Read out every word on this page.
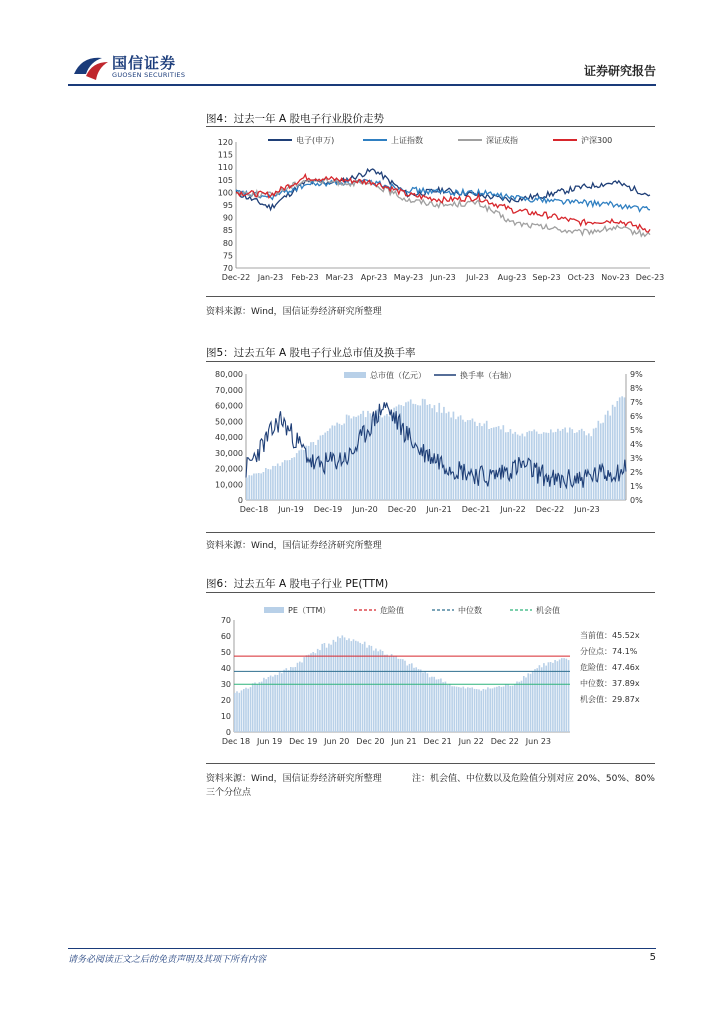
国信证券
GUOSEN SECURITIES	证券研究报告
图4：过去一年 A 股电子行业股价走势
70
75
80
85
90
95
100
105
110
115
120
Dec-22 Jan-23 Feb-23 Mar-23 Apr-23 May-23 Jun-23 Jul-23 Aug-23 Sep-23 Oct-23 Nov-23 Dec-23
电子(申万)	上证指数	深证成指	沪深300
资料来源：Wind，国信证券经济研究所整理
图5：过去五年 A 股电子行业总市值及换手率
0
10,000
20,000
30,000
40,000
50,000
60,000
70,000
80,000
0%
1%
2%
3%
4%
5%
6%
7%
8%
9%
Dec-18 Jun-19 Dec-19 Jun-20 Dec-20 Jun-21 Dec-21 Jun-22 Dec-22 Jun-23
总市值（亿元）	换手率（右轴）
资料来源：Wind，国信证券经济研究所整理
图6：过去五年 A 股电子行业 PE(TTM)
0
10
20
30
40
50
60
70
Dec 18 Jun 19 Dec 19 Jun 20 Dec 20 Jun 21 Dec 21 Jun 22 Dec 22 Jun 23
PE（TTM）	危险值	中位数	机会值
当前值：45.52x
分位点：74.1%
危险值：47.46x
中位数：37.89x
机会值：29.87x
资料来源：Wind，国信证券经济研究所整理	注：机会值、中位数以及危险值分别对应 20%、50%、80%
三个分位点
请务必阅读正文之后的免责声明及其项下所有内容	5
